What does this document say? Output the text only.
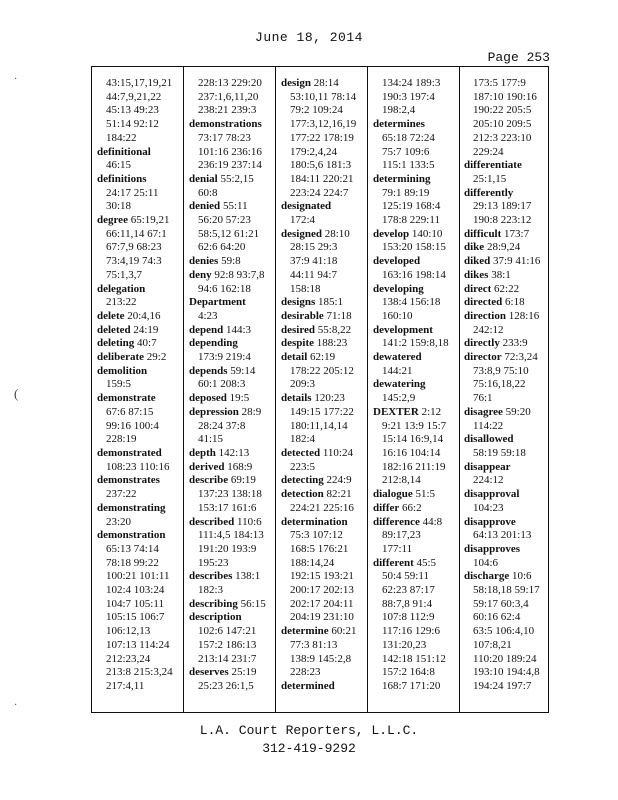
June 18, 2014
Page 253
·
(
·
43:15,17,19,21
44:7,9,21,22
45:13 49:23
51:14 92:12
184:22
definitional
46:15
definitions
24:17 25:11
30:18
degree 65:19,21
66:11,14 67:1
67:7,9 68:23
73:4,19 74:3
75:1,3,7
delegation
213:22
delete 20:4,16
deleted 24:19
deleting 40:7
deliberate 29:2
demolition
159:5
demonstrate
67:6 87:15
99:16 100:4
228:19
demonstrated
108:23 110:16
demonstrates
237:22
demonstrating
23:20
demonstration
65:13 74:14
78:18 99:22
100:21 101:11
102:4 103:24
104:7 105:11
105:15 106:7
106:12,13
107:13 114:24
212:23,24
213:8 215:3,24
217:4,11
228:13 229:20
237:1,6,11,20
238:21 239:3
demonstrations
73:17 78:23
101:16 236:16
236:19 237:14
denial 55:2,15
60:8
denied 55:11
56:20 57:23
58:5,12 61:21
62:6 64:20
denies 59:8
deny 92:8 93:7,8
94:6 162:18
Department
4:23
depend 144:3
depending
173:9 219:4
depends 59:14
60:1 208:3
deposed 19:5
depression 28:9
28:24 37:8
41:15
depth 142:13
derived 168:9
describe 69:19
137:23 138:18
153:17 161:6
described 110:6
111:4,5 184:13
191:20 193:9
195:23
describes 138:1
182:3
describing 56:15
description
102:6 147:21
157:2 186:13
213:14 231:7
deserves 25:19
25:23 26:1,5
design 28:14
53:10,11 78:14
79:2 109:24
177:3,12,16,19
177:22 178:19
179:2,4,24
180:5,6 181:3
184:11 220:21
223:24 224:7
designated
172:4
designed 28:10
28:15 29:3
37:9 41:18
44:11 94:7
158:18
designs 185:1
desirable 71:18
desired 55:8,22
despite 188:23
detail 62:19
178:22 205:12
209:3
details 120:23
149:15 177:22
180:11,14,14
182:4
detected 110:24
223:5
detecting 224:9
detection 82:21
224:21 225:16
determination
75:3 107:12
168:5 176:21
188:14,24
192:15 193:21
200:17 202:13
202:17 204:11
204:19 231:10
determine 60:21
77:3 81:13
138:9 145:2,8
228:23
determined
134:24 189:3
190:3 197:4
198:2,4
determines
65:18 72:24
75:7 109:6
115:1 133:5
determining
79:1 89:19
125:19 168:4
178:8 229:11
develop 140:10
153:20 158:15
developed
163:16 198:14
developing
138:4 156:18
160:10
development
141:2 159:8,18
dewatered
144:21
dewatering
145:2,9
DEXTER 2:12
9:21 13:9 15:7
15:14 16:9,14
16:16 104:14
182:16 211:19
212:8,14
dialogue 51:5
differ 66:2
difference 44:8
89:17,23
177:11
different 45:5
50:4 59:11
62:23 87:17
88:7,8 91:4
107:8 112:9
117:16 129:6
131:20,23
142:18 151:12
157:2 164:8
168:7 171:20
173:5 177:9
187:10 190:16
190:22 205:5
205:10 209:5
212:3 223:10
229:24
differentiate
25:1,15
differently
29:13 189:17
190:8 223:12
difficult 173:7
dike 28:9,24
diked 37:9 41:16
dikes 38:1
direct 62:22
directed 6:18
direction 128:16
242:12
directly 233:9
director 72:3,24
73:8,9 75:10
75:16,18,22
76:1
disagree 59:20
114:22
disallowed
58:19 59:18
disappear
224:12
disapproval
104:23
disapprove
64:13 201:13
disapproves
104:6
discharge 10:6
58:18,18 59:17
59:17 60:3,4
60:16 62:4
63:5 106:4,10
107:8,21
110:20 189:24
193:10 194:4,8
194:24 197:7
L.A. Court Reporters, L.L.C.
312-419-9292
